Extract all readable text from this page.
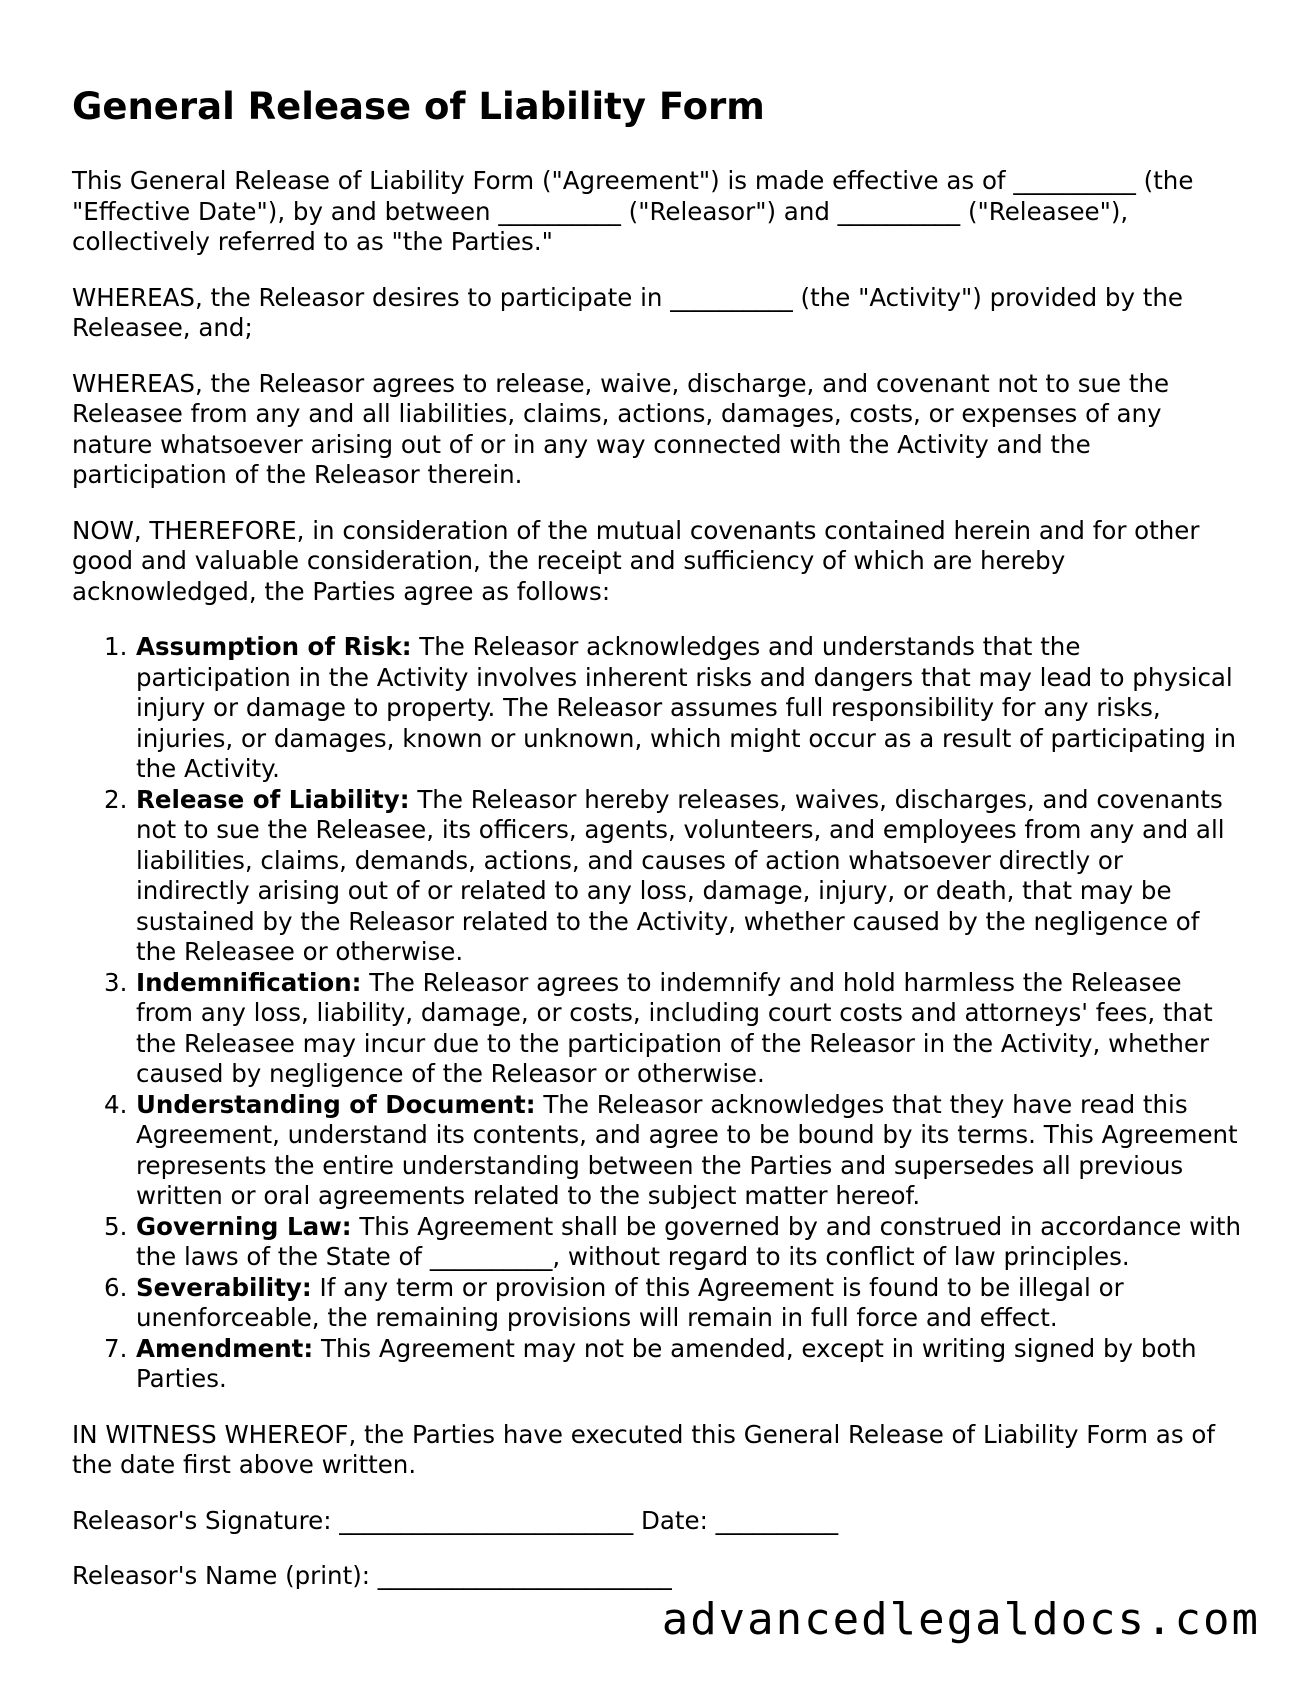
General Release of Liability Form

This General Release of Liability Form ("Agreement") is made effective as of __________ (the "Effective Date"), by and between __________ ("Releasor") and __________ ("Releasee"), collectively referred to as "the Parties."

WHEREAS, the Releasor desires to participate in __________ (the "Activity") provided by the Releasee, and;

WHEREAS, the Releasor agrees to release, waive, discharge, and covenant not to sue the Releasee from any and all liabilities, claims, actions, damages, costs, or expenses of any nature whatsoever arising out of or in any way connected with the Activity and the participation of the Releasor therein.

NOW, THEREFORE, in consideration of the mutual covenants contained herein and for other good and valuable consideration, the receipt and sufficiency of which are hereby acknowledged, the Parties agree as follows:

1. Assumption of Risk: The Releasor acknowledges and understands that the participation in the Activity involves inherent risks and dangers that may lead to physical injury or damage to property. The Releasor assumes full responsibility for any risks, injuries, or damages, known or unknown, which might occur as a result of participating in the Activity.
2. Release of Liability: The Releasor hereby releases, waives, discharges, and covenants not to sue the Releasee, its officers, agents, volunteers, and employees from any and all liabilities, claims, demands, actions, and causes of action whatsoever directly or indirectly arising out of or related to any loss, damage, injury, or death, that may be sustained by the Releasor related to the Activity, whether caused by the negligence of the Releasee or otherwise.
3. Indemnification: The Releasor agrees to indemnify and hold harmless the Releasee from any loss, liability, damage, or costs, including court costs and attorneys' fees, that the Releasee may incur due to the participation of the Releasor in the Activity, whether caused by negligence of the Releasor or otherwise.
4. Understanding of Document: The Releasor acknowledges that they have read this Agreement, understand its contents, and agree to be bound by its terms. This Agreement represents the entire understanding between the Parties and supersedes all previous written or oral agreements related to the subject matter hereof.
5. Governing Law: This Agreement shall be governed by and construed in accordance with the laws of the State of __________, without regard to its conflict of law principles.
6. Severability: If any term or provision of this Agreement is found to be illegal or unenforceable, the remaining provisions will remain in full force and effect.
7. Amendment: This Agreement may not be amended, except in writing signed by both Parties.

IN WITNESS WHEREOF, the Parties have executed this General Release of Liability Form as of the date first above written.

Releasor's Signature: ________________________ Date: __________

Releasor's Name (print): ________________________

advancedlegaldocs.com
